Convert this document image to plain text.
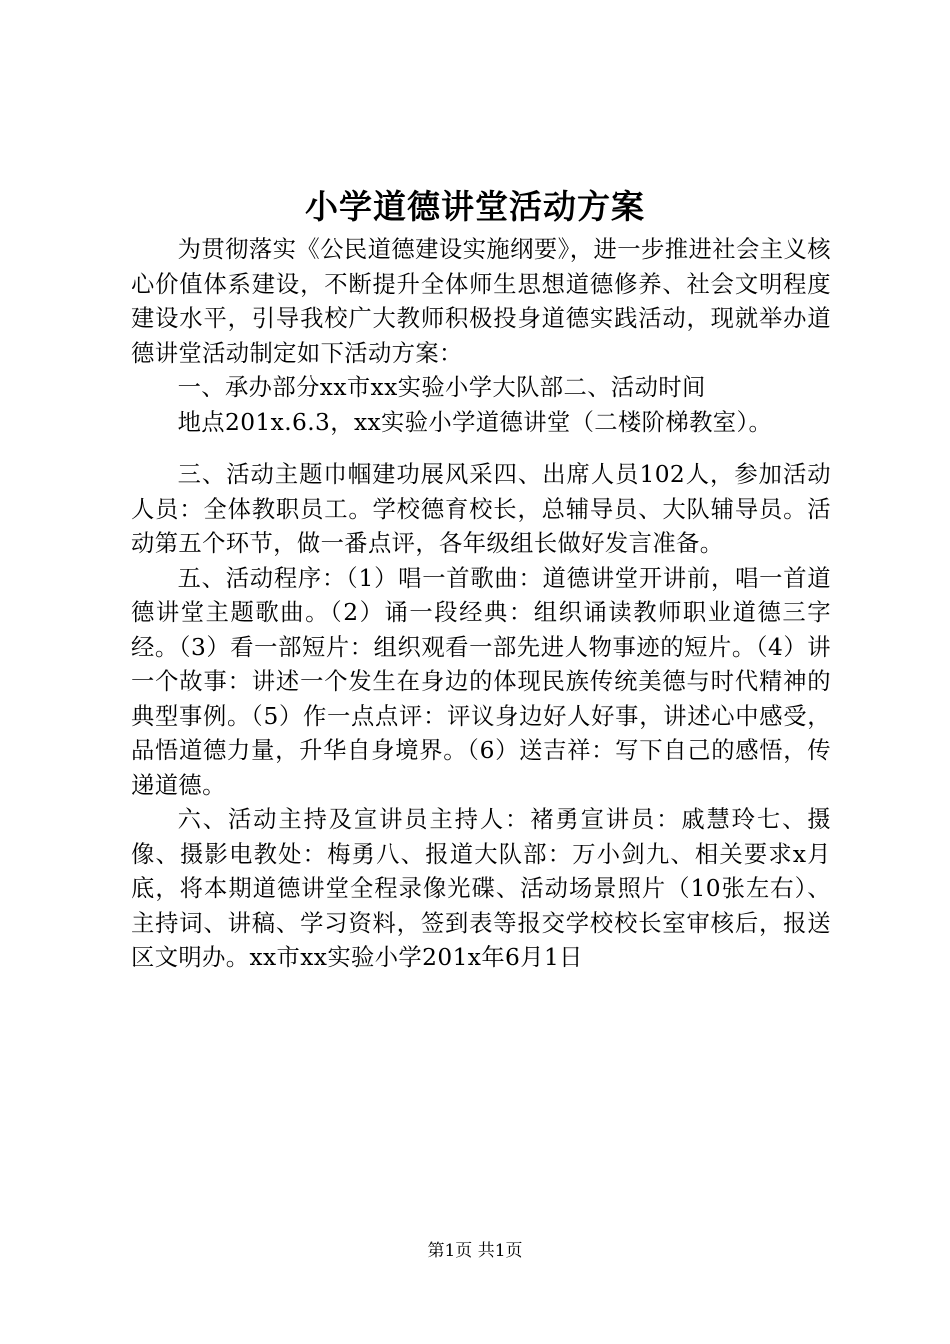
小学道德讲堂活动方案

为贯彻落实《公民道德建设实施纲要》，进一步推进社会主义核心价值体系建设，不断提升全体师生思想道德修养、社会文明程度建设水平，引导我校广大教师积极投身道德实践活动，现就举办道德讲堂活动制定如下活动方案：

一、承办部分xx市xx实验小学大队部二、活动时间

地点201x.6.3，xx实验小学道德讲堂（二楼阶梯教室）。

三、活动主题巾帼建功展风采四、出席人员102人，参加活动人员：全体教职员工。学校德育校长，总辅导员、大队辅导员。活动第五个环节，做一番点评，各年级组长做好发言准备。

五、活动程序：（1）唱一首歌曲：道德讲堂开讲前，唱一首道德讲堂主题歌曲。（2）诵一段经典：组织诵读教师职业道德三字经。（3）看一部短片：组织观看一部先进人物事迹的短片。（4）讲一个故事：讲述一个发生在身边的体现民族传统美德与时代精神的典型事例。（5）作一点点评：评议身边好人好事，讲述心中感受，品悟道德力量，升华自身境界。（6）送吉祥：写下自己的感悟，传递道德。

六、活动主持及宣讲员主持人：褚勇宣讲员：戚慧玲七、摄像、摄影电教处：梅勇八、报道大队部：万小剑九、相关要求x月底，将本期道德讲堂全程录像光碟、活动场景照片（10张左右）、主持词、讲稿、学习资料，签到表等报交学校校长室审核后，报送区文明办。xx市xx实验小学201x年6月1日

第1页 共1页
